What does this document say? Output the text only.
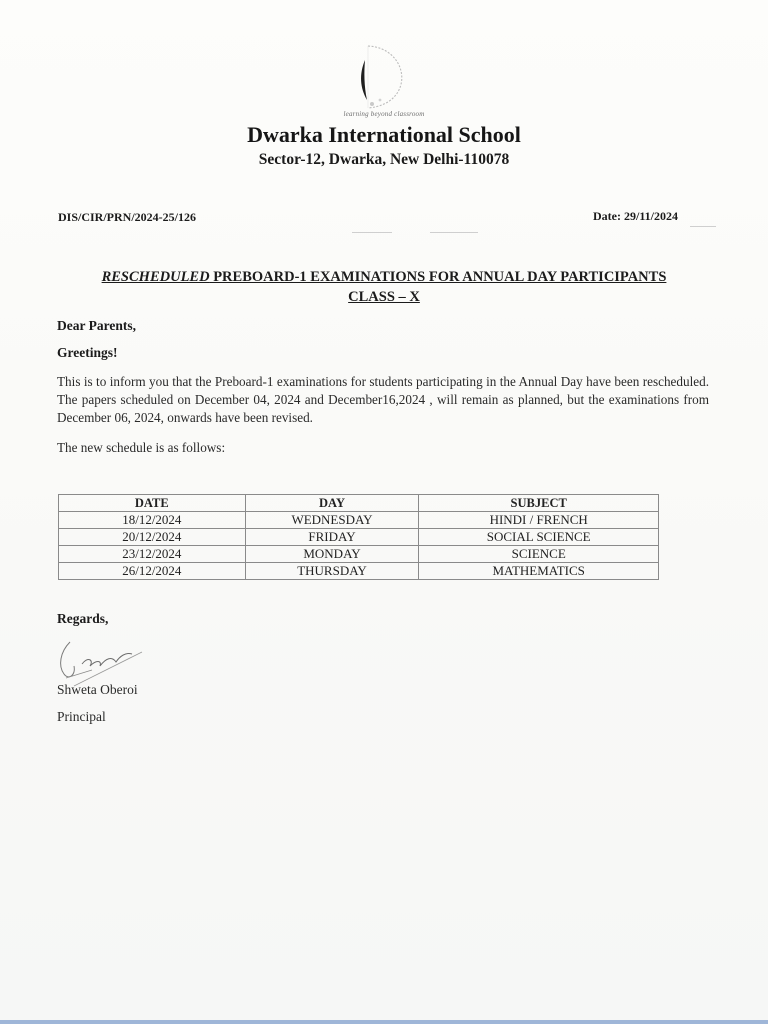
learning beyond classroom
Dwarka International School
Sector-12, Dwarka, New Delhi-110078
DIS/CIR/PRN/2024-25/126	Date: 29/11/2024
RESCHEDULED PREBOARD-1 EXAMINATIONS FOR ANNUAL DAY PARTICIPANTS
CLASS – X
Dear Parents,
Greetings!
This is to inform you that the Preboard-1 examinations for students participating in the Annual Day have been rescheduled. The papers scheduled on December 04, 2024 and December16,2024 , will remain as planned, but the examinations from December 06, 2024, onwards have been revised.
The new schedule is as follows:
DATE	DAY	SUBJECT
18/12/2024	WEDNESDAY	HINDI / FRENCH
20/12/2024	FRIDAY	SOCIAL SCIENCE
23/12/2024	MONDAY	SCIENCE
26/12/2024	THURSDAY	MATHEMATICS
Regards,
Shweta Oberoi
Principal
